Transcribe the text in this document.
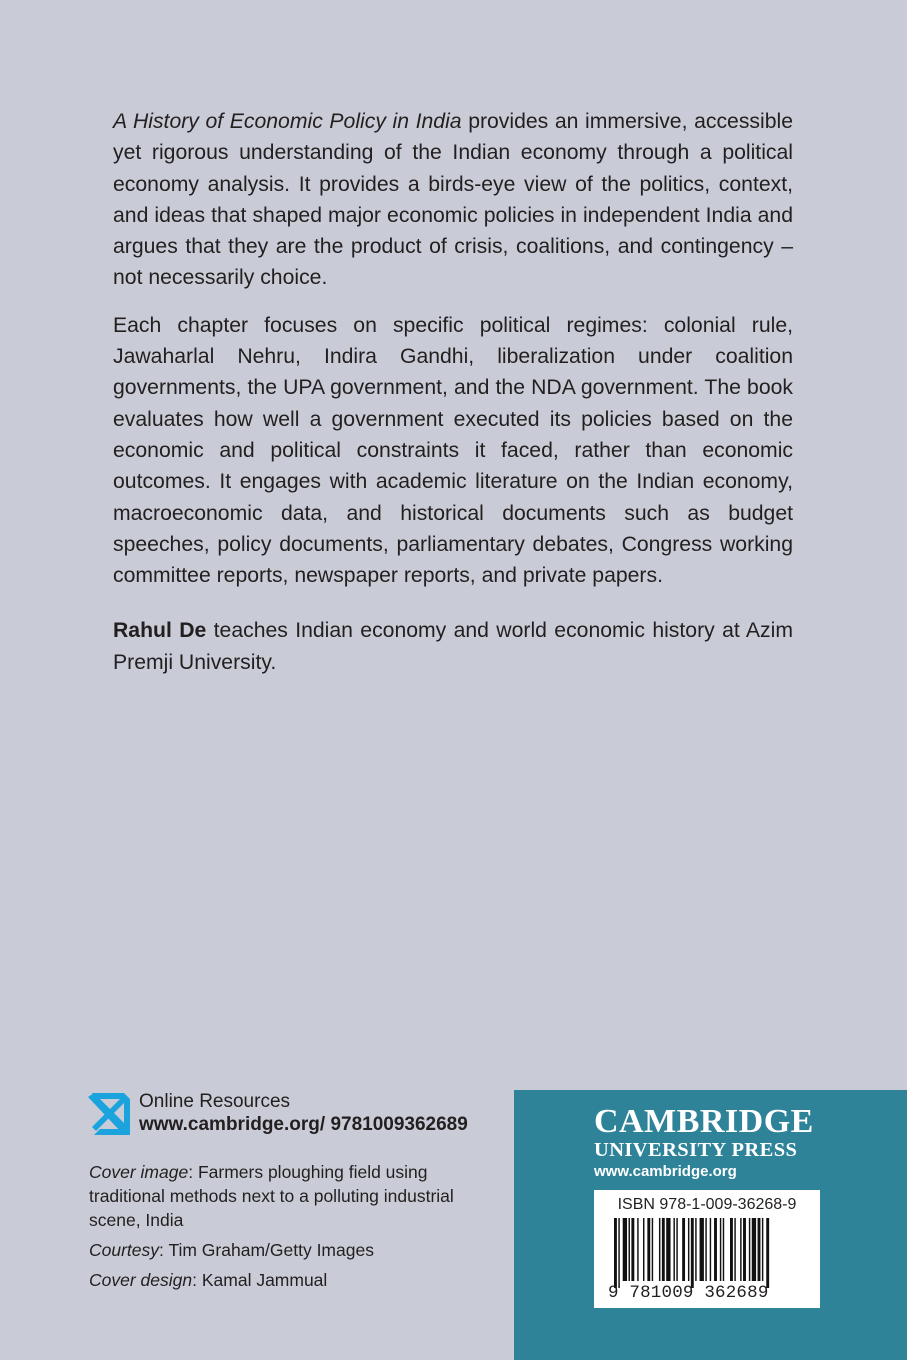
A History of Economic Policy in India provides an immersive, accessible yet rigorous understanding of the Indian economy through a political economy analysis. It provides a birds-eye view of the politics, context, and ideas that shaped major economic policies in independent India and argues that they are the product of crisis, coalitions, and contingency – not necessarily choice.

Each chapter focuses on specific political regimes: colonial rule, Jawaharlal Nehru, Indira Gandhi, liberalization under coalition governments, the UPA government, and the NDA government. The book evaluates how well a government executed its policies based on the economic and political constraints it faced, rather than economic outcomes. It engages with academic literature on the Indian economy, macroeconomic data, and historical documents such as budget speeches, policy documents, parliamentary debates, Congress working committee reports, newspaper reports, and private papers.

Rahul De teaches Indian economy and world economic history at Azim Premji University.

Online Resources
www.cambridge.org/ 9781009362689

Cover image: Farmers ploughing field using traditional methods next to a polluting industrial scene, India

Courtesy: Tim Graham/Getty Images

Cover design: Kamal Jammual

CAMBRIDGE
UNIVERSITY PRESS
www.cambridge.org
ISBN 978-1-009-36268-9
9 781009 362689
